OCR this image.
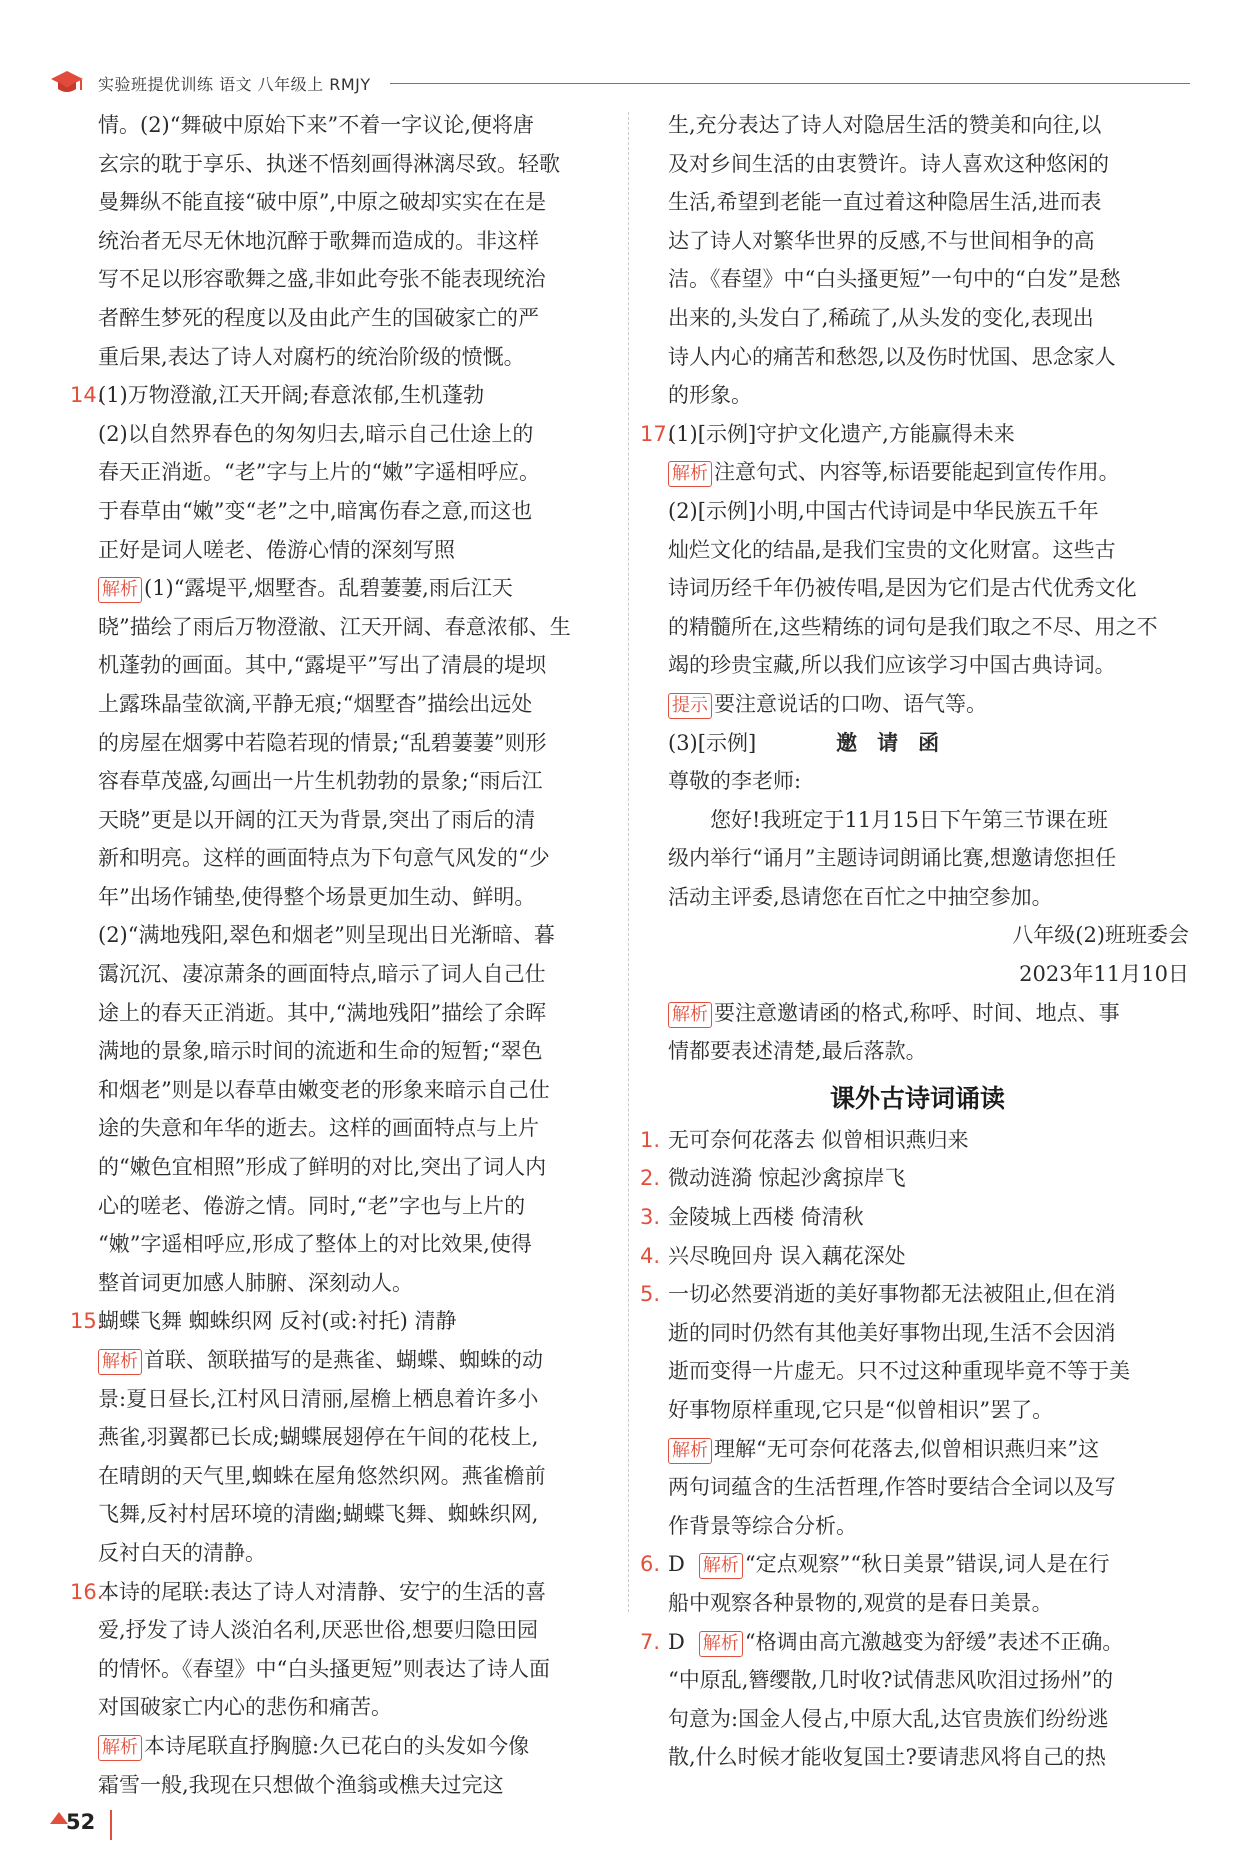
实验班提优训练 语文 八年级上 RMJY

情。(2)“舞破中原始下来”不着一字议论,便将唐

玄宗的耽于享乐、执迷不悟刻画得淋漓尽致。轻歌

曼舞纵不能直接“破中原”,中原之破却实实在在是

统治者无尽无休地沉醉于歌舞而造成的。非这样

写不足以形容歌舞之盛,非如此夸张不能表现统治

者醉生梦死的程度以及由此产生的国破家亡的严

重后果,表达了诗人对腐朽的统治阶级的愤慨。

14.(1)万物澄澈,江天开阔;春意浓郁,生机蓬勃

(2)以自然界春色的匆匆归去,暗示自己仕途上的

春天正消逝。“老”字与上片的“嫩”字遥相呼应。

于春草由“嫩”变“老”之中,暗寓伤春之意,而这也

正好是词人嗟老、倦游心情的深刻写照

解析 (1)“露堤平,烟墅杳。乱碧萋萋,雨后江天

晓”描绘了雨后万物澄澈、江天开阔、春意浓郁、生

机蓬勃的画面。其中,“露堤平”写出了清晨的堤坝

上露珠晶莹欲滴,平静无痕;“烟墅杳”描绘出远处

的房屋在烟雾中若隐若现的情景;“乱碧萋萋”则形

容春草茂盛,勾画出一片生机勃勃的景象;“雨后江

天晓”更是以开阔的江天为背景,突出了雨后的清

新和明亮。这样的画面特点为下句意气风发的“少

年”出场作铺垫,使得整个场景更加生动、鲜明。

(2)“满地残阳,翠色和烟老”则呈现出日光渐暗、暮

霭沉沉、凄凉萧条的画面特点,暗示了词人自己仕

途上的春天正消逝。其中,“满地残阳”描绘了余晖

满地的景象,暗示时间的流逝和生命的短暂;“翠色

和烟老”则是以春草由嫩变老的形象来暗示自己仕

途的失意和年华的逝去。这样的画面特点与上片

的“嫩色宜相照”形成了鲜明的对比,突出了词人内

心的嗟老、倦游之情。同时,“老”字也与上片的

“嫩”字遥相呼应,形成了整体上的对比效果,使得

整首词更加感人肺腑、深刻动人。

15.蝴蝶飞舞 蜘蛛织网 反衬(或:衬托) 清静

解析 首联、颔联描写的是燕雀、蝴蝶、蜘蛛的动

景:夏日昼长,江村风日清丽,屋檐上栖息着许多小

燕雀,羽翼都已长成;蝴蝶展翅停在午间的花枝上,

在晴朗的天气里,蜘蛛在屋角悠然织网。燕雀檐前

飞舞,反衬村居环境的清幽;蝴蝶飞舞、蜘蛛织网,

反衬白天的清静。

16.本诗的尾联:表达了诗人对清静、安宁的生活的喜

爱,抒发了诗人淡泊名利,厌恶世俗,想要归隐田园

的情怀。《春望》中“白头搔更短”则表达了诗人面

对国破家亡内心的悲伤和痛苦。

解析 本诗尾联直抒胸臆:久已花白的头发如今像

霜雪一般,我现在只想做个渔翁或樵夫过完这

生,充分表达了诗人对隐居生活的赞美和向往,以

及对乡间生活的由衷赞许。诗人喜欢这种悠闲的

生活,希望到老能一直过着这种隐居生活,进而表

达了诗人对繁华世界的反感,不与世间相争的高

洁。《春望》中“白头搔更短”一句中的“白发”是愁

出来的,头发白了,稀疏了,从头发的变化,表现出

诗人内心的痛苦和愁怨,以及伤时忧国、思念家人

的形象。

17.(1)[示例]守护文化遗产,方能赢得未来

解析 注意句式、内容等,标语要能起到宣传作用。

(2)[示例]小明,中国古代诗词是中华民族五千年

灿烂文化的结晶,是我们宝贵的文化财富。这些古

诗词历经千年仍被传唱,是因为它们是古代优秀文化

的精髓所在,这些精练的词句是我们取之不尽、用之不

竭的珍贵宝藏,所以我们应该学习中国古典诗词。

提示 要注意说话的口吻、语气等。

(3)[示例]	邀请函

尊敬的李老师:

您好!我班定于11月15日下午第三节课在班

级内举行“诵月”主题诗词朗诵比赛,想邀请您担任

活动主评委,恳请您在百忙之中抽空参加。

八年级(2)班班委会

2023年11月10日

解析 要注意邀请函的格式,称呼、时间、地点、事

情都要表述清楚,最后落款。

课外古诗词诵读

1. 无可奈何花落去 似曾相识燕归来

2. 微动涟漪 惊起沙禽掠岸飞

3. 金陵城上西楼 倚清秋

4. 兴尽晚回舟 误入藕花深处

5. 一切必然要消逝的美好事物都无法被阻止,但在消

逝的同时仍然有其他美好事物出现,生活不会因消

逝而变得一片虚无。只不过这种重现毕竟不等于美

好事物原样重现,它只是“似曾相识”罢了。

解析 理解“无可奈何花落去,似曾相识燕归来”这

两句词蕴含的生活哲理,作答时要结合全词以及写

作背景等综合分析。

6. D 解析 “定点观察”“秋日美景”错误,词人是在行

船中观察各种景物的,观赏的是春日美景。

7. D 解析 “格调由高亢激越变为舒缓”表述不正确。

“中原乱,簪缨散,几时收?试倩悲风吹泪过扬州”的

句意为:国金人侵占,中原大乱,达官贵族们纷纷逃

散,什么时候才能收复国土?要请悲风将自己的热

52
